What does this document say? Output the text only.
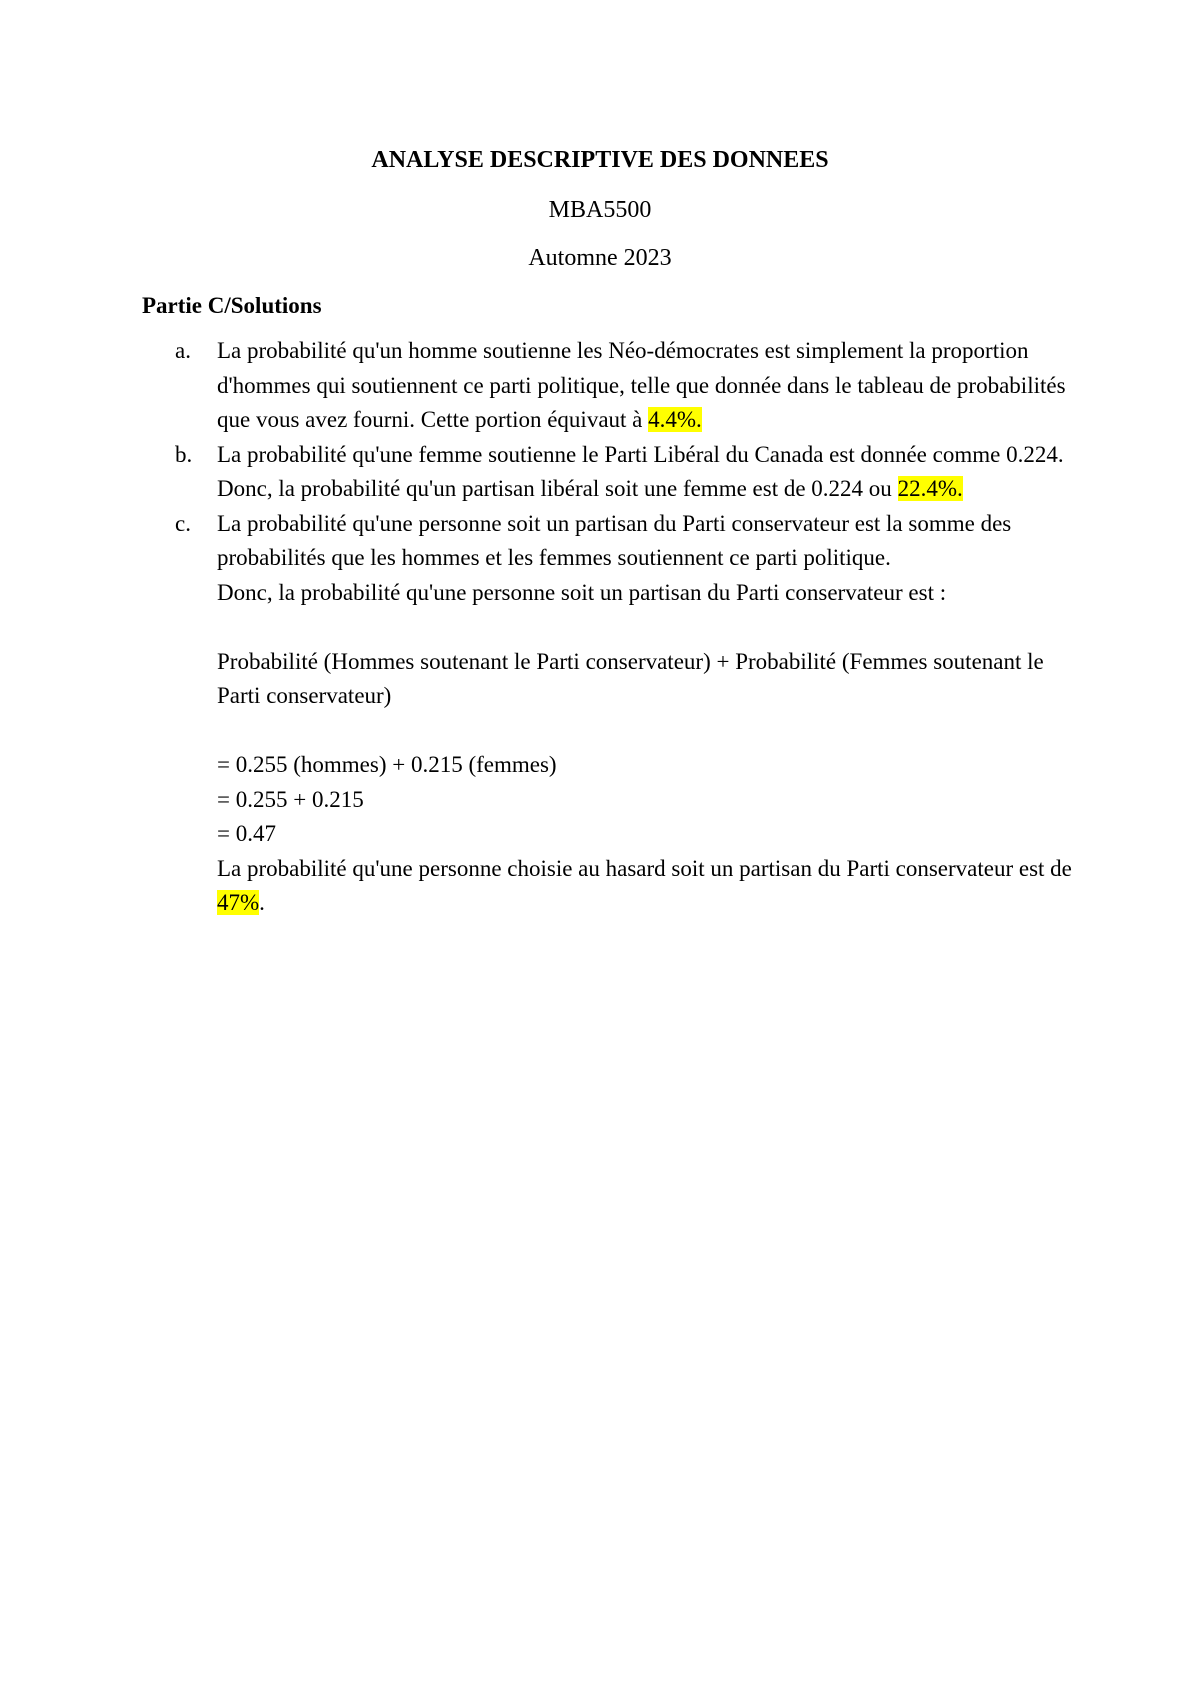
ANALYSE DESCRIPTIVE DES DONNEES
MBA5500
Automne 2023
Partie C/Solutions
a. La probabilité qu'un homme soutienne les Néo-démocrates est simplement la proportion d'hommes qui soutiennent ce parti politique, telle que donnée dans le tableau de probabilités que vous avez fourni. Cette portion équivaut à 4.4%.
b. La probabilité qu'une femme soutienne le Parti Libéral du Canada est donnée comme 0.224. Donc, la probabilité qu'un partisan libéral soit une femme est de 0.224 ou 22.4%.
c. La probabilité qu'une personne soit un partisan du Parti conservateur est la somme des probabilités que les hommes et les femmes soutiennent ce parti politique.
Donc, la probabilité qu'une personne soit un partisan du Parti conservateur est :
Probabilité (Hommes soutenant le Parti conservateur) + Probabilité (Femmes soutenant le Parti conservateur)
= 0.255 (hommes) + 0.215 (femmes)
= 0.255 + 0.215
= 0.47
La probabilité qu'une personne choisie au hasard soit un partisan du Parti conservateur est de 47%.
